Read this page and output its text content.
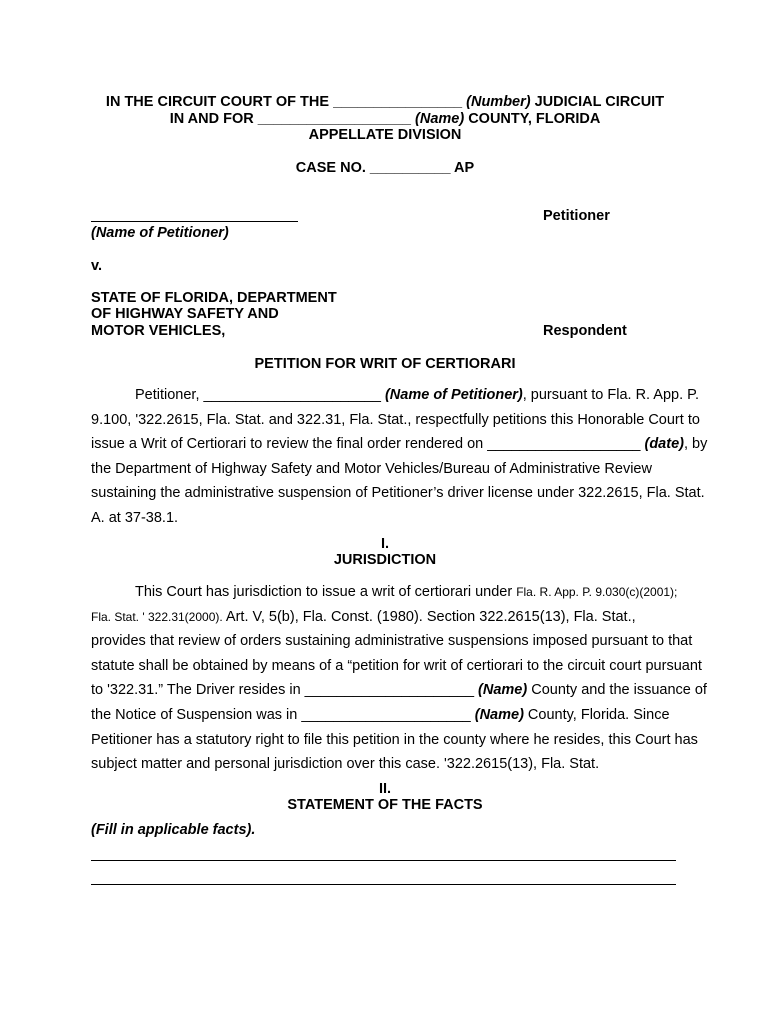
IN THE CIRCUIT COURT OF THE ________________ (Number) JUDICIAL CIRCUIT
IN AND FOR ___________________ (Name) COUNTY, FLORIDA
APPELLATE DIVISION
CASE NO. __________ AP
Petitioner
(Name of Petitioner)
v.
STATE OF FLORIDA, DEPARTMENT
OF HIGHWAY SAFETY AND
MOTOR VEHICLES,	Respondent
PETITION FOR WRIT OF CERTIORARI

Petitioner, ______________________ (Name of Petitioner), pursuant to Fla. R. App. P.

9.100, '322.2615, Fla. Stat. and 322.31, Fla. Stat., respectfully petitions this Honorable Court to

issue a Writ of Certiorari to review the final order rendered on ___________________ (date), by

the Department of Highway Safety and Motor Vehicles/Bureau of Administrative Review

sustaining the administrative suspension of Petitioner’s driver license under 322.2615, Fla. Stat.

A. at 37-38.1.

I.
JURISDICTION

This Court has jurisdiction to issue a writ of certiorari under Fla. R. App. P. 9.030(c)(2001);

Fla. Stat. ' 322.31(2000). Art. V, 5(b), Fla. Const. (1980). Section 322.2615(13), Fla. Stat.,

provides that review of orders sustaining administrative suspensions imposed pursuant to that

statute shall be obtained by means of a “petition for writ of certiorari to the circuit court pursuant

to '322.31.” The Driver resides in _____________________ (Name) County and the issuance of

the Notice of Suspension was in _____________________ (Name) County, Florida. Since

Petitioner has a statutory right to file this petition in the county where he resides, this Court has

subject matter and personal jurisdiction over this case. '322.2615(13), Fla. Stat.

II.
STATEMENT OF THE FACTS
(Fill in applicable facts).
